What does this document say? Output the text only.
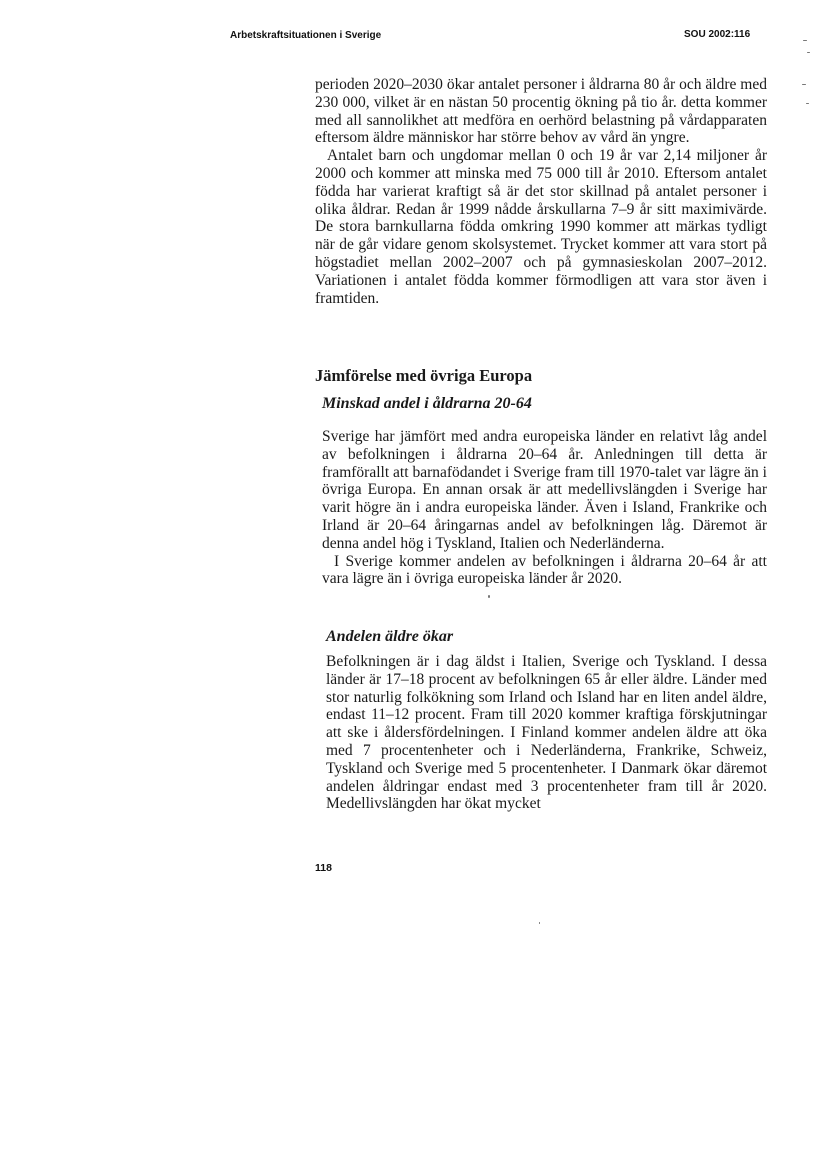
Arbetskraftsituationen i Sverige	SOU 2002:116

perioden 2020–2030 ökar antalet personer i åldrarna 80 år och äldre med 230 000, vilket är en nästan 50 procentig ökning på tio år. detta kommer med all sannolikhet att medföra en oerhörd belastning på vårdapparaten eftersom äldre människor har större behov av vård än yngre.

Antalet barn och ungdomar mellan 0 och 19 år var 2,14 miljoner år 2000 och kommer att minska med 75 000 till år 2010. Eftersom antalet födda har varierat kraftigt så är det stor skillnad på antalet personer i olika åldrar. Redan år 1999 nådde årskullarna 7–9 år sitt maximivärde. De stora barnkullarna födda omkring 1990 kommer att märkas tydligt när de går vidare genom skolsystemet. Trycket kommer att vara stort på högstadiet mellan 2002–2007 och på gymnasieskolan 2007–2012. Variationen i antalet födda kommer förmodligen att vara stor även i framtiden.

Jämförelse med övriga Europa
Minskad andel i åldrarna 20-64

Sverige har jämfört med andra europeiska länder en relativt låg andel av befolkningen i åldrarna 20–64 år. Anledningen till detta är framförallt att barnafödandet i Sverige fram till 1970-talet var lägre än i övriga Europa. En annan orsak är att medellivslängden i Sverige har varit högre än i andra europeiska länder. Även i Island, Frankrike och Irland är 20–64 åringarnas andel av befolkningen låg. Däremot är denna andel hög i Tyskland, Italien och Nederländerna.

I Sverige kommer andelen av befolkningen i åldrarna 20–64 år att vara lägre än i övriga europeiska länder år 2020.

Andelen äldre ökar

Befolkningen är i dag äldst i Italien, Sverige och Tyskland. I dessa länder är 17–18 procent av befolkningen 65 år eller äldre. Länder med stor naturlig folkökning som Irland och Island har en liten andel äldre, endast 11–12 procent. Fram till 2020 kommer kraftiga förskjutningar att ske i åldersfördelningen. I Finland kommer andelen äldre att öka med 7 procentenheter och i Nederländerna, Frankrike, Schweiz, Tyskland och Sverige med 5 procentenheter. I Danmark ökar däremot andelen åldringar endast med 3 procentenheter fram till år 2020. Medellivslängden har ökat mycket

118
